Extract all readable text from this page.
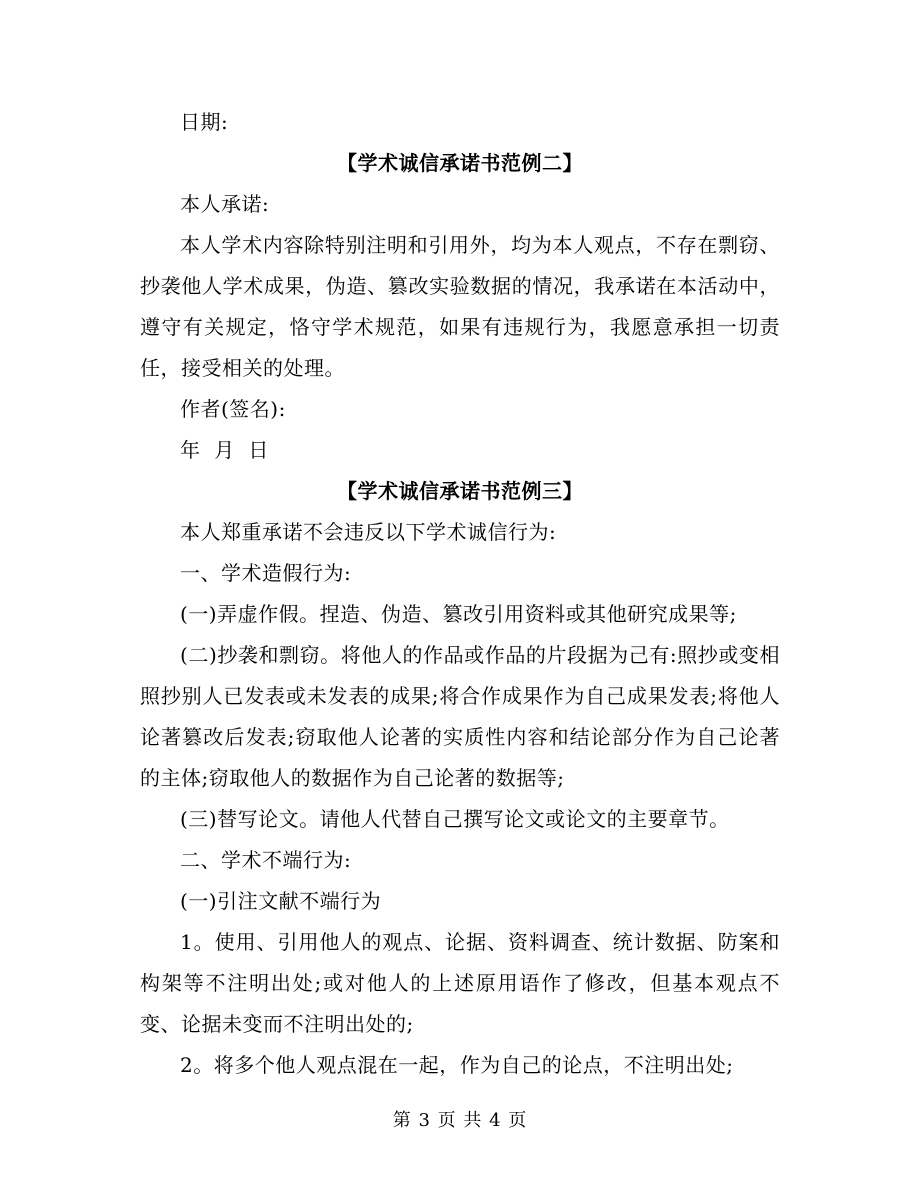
日期:
【学术诚信承诺书范例二】
本人承诺:
本人学术内容除特别注明和引用外，均为本人观点，不存在剽窃、抄袭他人学术成果，伪造、篡改实验数据的情况，我承诺在本活动中，遵守有关规定，恪守学术规范，如果有违规行为，我愿意承担一切责任，接受相关的处理。
作者(签名):
年  月  日
【学术诚信承诺书范例三】
本人郑重承诺不会违反以下学术诚信行为:
一、学术造假行为:
(一)弄虚作假。捏造、伪造、篡改引用资料或其他研究成果等;
(二)抄袭和剽窃。将他人的作品或作品的片段据为己有:照抄或变相照抄别人已发表或未发表的成果;将合作成果作为自己成果发表;将他人论著篡改后发表;窃取他人论著的实质性内容和结论部分作为自己论著的主体;窃取他人的数据作为自己论著的数据等;
(三)替写论文。请他人代替自己撰写论文或论文的主要章节。
二、学术不端行为:
(一)引注文献不端行为
1。使用、引用他人的观点、论据、资料调查、统计数据、防案和构架等不注明出处;或对他人的上述原用语作了修改，但基本观点不变、论据未变而不注明出处的;
2。将多个他人观点混在一起，作为自己的论点，不注明出处;
第 3 页 共 4 页
